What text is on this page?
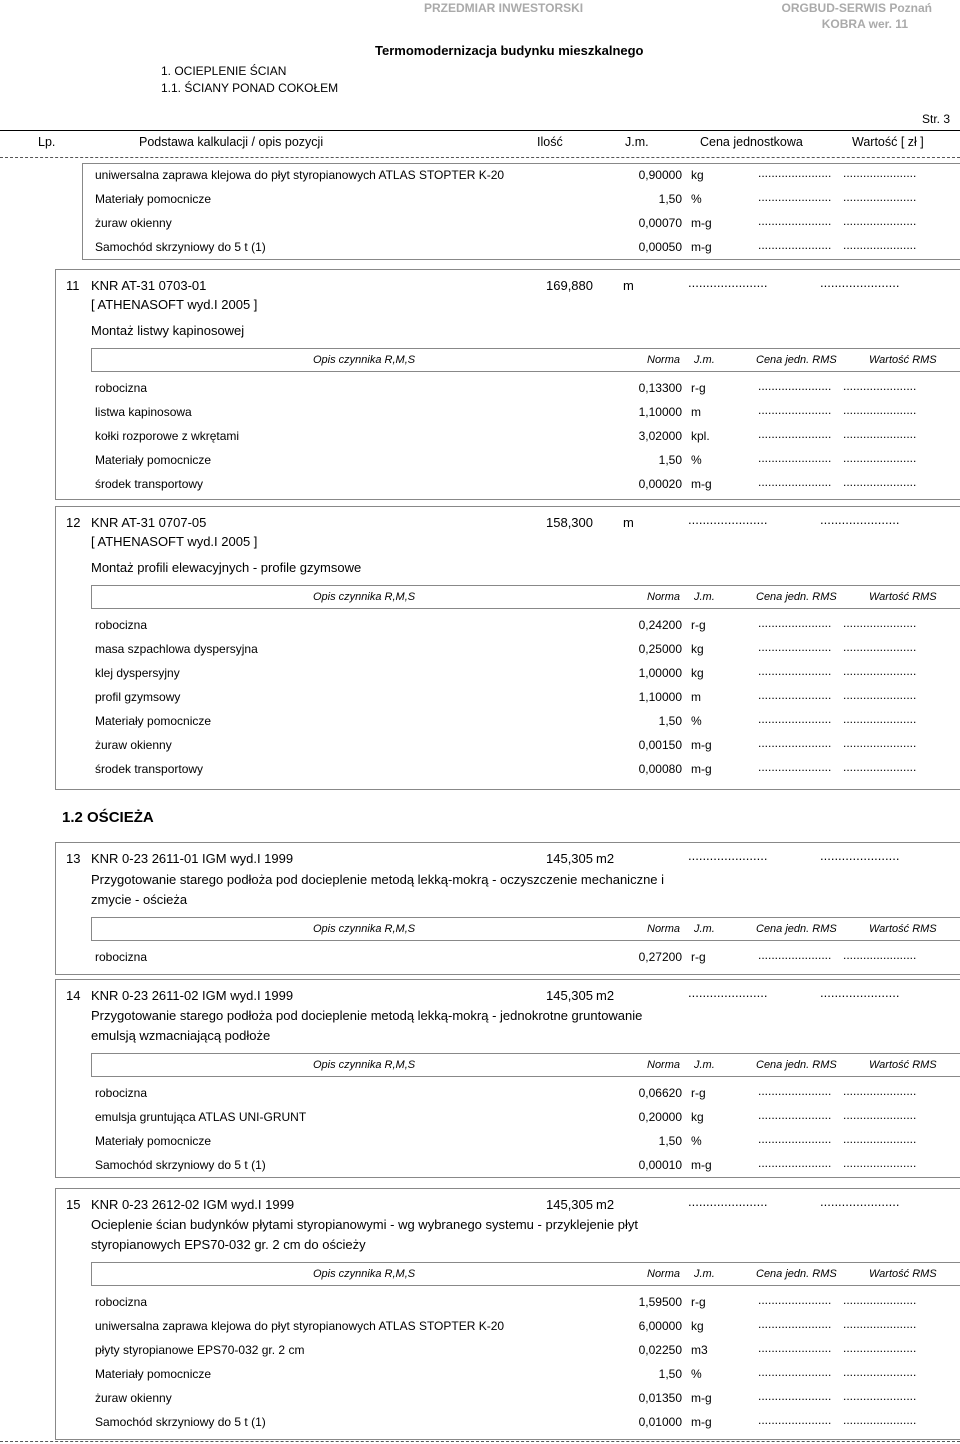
PRZEDMIAR INWESTORSKI	ORGBUD-SERWIS Poznań
KOBRA wer. 11
Termomodernizacja budynku mieszkalnego
1. OCIEPLENIE ŚCIAN
1.1. ŚCIANY PONAD COKOŁEM
Str. 3
Lp.	Podstawa kalkulacji / opis pozycji	Ilość	J.m.	Cena jednostkowa	Wartość [ zł ]
uniwersalna zaprawa klejowa do płyt styropianowych ATLAS STOPTER K-20	0,90000 kg	...................... ......................
Materiały pomocnicze	1,50 %	...................... ......................
żuraw okienny	0,00070 m-g	...................... ......................
Samochód skrzyniowy do 5 t (1)	0,00050 m-g	...................... ......................
11 KNR AT-31 0703-01
[ ATHENASOFT wyd.I 2005 ]
169,880 m	......................	......................
Montaż listwy kapinosowej
Opis czynnika R,M,S	Norma J.m.	Cena jedn. RMS	Wartość RMS
robocizna	0,13300 r-g	...................... ......................
listwa kapinosowa	1,10000 m	...................... ......................
kołki rozporowe z wkrętami	3,02000 kpl.	...................... ......................
Materiały pomocnicze	1,50 %	...................... ......................
środek transportowy	0,00020 m-g	...................... ......................
12 KNR AT-31 0707-05
[ ATHENASOFT wyd.I 2005 ]
158,300 m	......................	......................
Montaż profili elewacyjnych - profile gzymsowe
Opis czynnika R,M,S	Norma J.m.	Cena jedn. RMS	Wartość RMS
robocizna	0,24200 r-g	...................... ......................
masa szpachlowa dyspersyjna	0,25000 kg	...................... ......................
klej dyspersyjny	1,00000 kg	...................... ......................
profil gzymsowy	1,10000 m	...................... ......................
Materiały pomocnicze	1,50 %	...................... ......................
żuraw okienny	0,00150 m-g	...................... ......................
środek transportowy	0,00080 m-g	...................... ......................
1.2 OŚCIEŻA
13 KNR 0-23 2611-01 IGM wyd.I 1999	145,305 m2	......................	......................
Przygotowanie starego podłoża pod docieplenie metodą lekką-mokrą - oczyszczenie mechaniczne i
zmycie - ościeża
Opis czynnika R,M,S	Norma J.m.	Cena jedn. RMS	Wartość RMS
robocizna	0,27200 r-g	...................... ......................
14 KNR 0-23 2611-02 IGM wyd.I 1999	145,305 m2	......................	......................
Przygotowanie starego podłoża pod docieplenie metodą lekką-mokrą - jednokrotne gruntowanie
emulsją wzmacniającą podłoże
Opis czynnika R,M,S	Norma J.m.	Cena jedn. RMS	Wartość RMS
robocizna	0,06620 r-g	...................... ......................
emulsja gruntująca ATLAS UNI-GRUNT	0,20000 kg	...................... ......................
Materiały pomocnicze	1,50 %	...................... ......................
Samochód skrzyniowy do 5 t (1)	0,00010 m-g	...................... ......................
15 KNR 0-23 2612-02 IGM wyd.I 1999	145,305 m2	......................	......................
Ocieplenie ścian budynków płytami styropianowymi - wg wybranego systemu - przyklejenie płyt
styropianowych EPS70-032 gr. 2 cm do ościeży
Opis czynnika R,M,S	Norma J.m.	Cena jedn. RMS	Wartość RMS
robocizna	1,59500 r-g	...................... ......................
uniwersalna zaprawa klejowa do płyt styropianowych ATLAS STOPTER K-20	6,00000 kg	...................... ......................
płyty styropianowe EPS70-032 gr. 2 cm	0,02250 m3	...................... ......................
Materiały pomocnicze	1,50 %	...................... ......................
żuraw okienny	0,01350 m-g	...................... ......................
Samochód skrzyniowy do 5 t (1)	0,01000 m-g	...................... ......................
